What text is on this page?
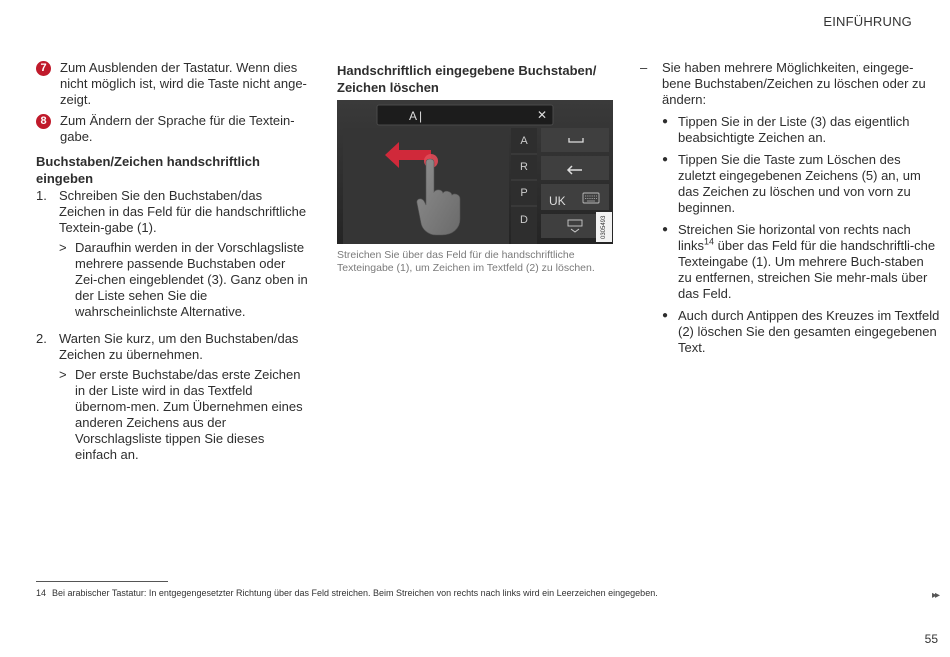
EINFÜHRUNG
7	Zum Ausblenden der Tastatur. Wenn dies nicht möglich ist, wird die Taste nicht ange-zeigt.
8	Zum Ändern der Sprache für die Textein-gabe.
Buchstaben/Zeichen handschriftlich eingeben
1. Schreiben Sie den Buchstaben/das Zeichen in das Feld für die handschriftliche Textein-gabe (1).
> Daraufhin werden in der Vorschlagsliste mehrere passende Buchstaben oder Zei-chen eingeblendet (3). Ganz oben in der Liste sehen Sie die wahrscheinlichste Alternative.
2. Warten Sie kurz, um den Buchstaben/das Zeichen zu übernehmen.
> Der erste Buchstabe/das erste Zeichen in der Liste wird in das Textfeld übernom-men. Zum Übernehmen eines anderen Zeichens aus der Vorschlagsliste tippen Sie dieses einfach an.
Handschriftlich eingegebene Buchstaben/ Zeichen löschen
A|	✕
A
R
P
D
UK
0305493
Streichen Sie über das Feld für die handschriftliche Texteingabe (1), um Zeichen im Textfeld (2) zu löschen.
–	Sie haben mehrere Möglichkeiten, eingege-bene Buchstaben/Zeichen zu löschen oder zu ändern:
● Tippen Sie in der Liste (3) das eigentlich beabsichtigte Zeichen an.
● Tippen Sie die Taste zum Löschen des zuletzt eingegebenen Zeichens (5) an, um das Zeichen zu löschen und von vorn zu beginnen.
● Streichen Sie horizontal von rechts nach links$^{14}$ über das Feld für die handschriftli-che Texteingabe (1). Um mehrere Buch-staben zu entfernen, streichen Sie mehr-mals über das Feld.
● Auch durch Antippen des Kreuzes im Textfeld (2) löschen Sie den gesamten eingegebenen Text.
14 Bei arabischer Tastatur: In entgegengesetzter Richtung über das Feld streichen. Beim Streichen von rechts nach links wird ein Leerzeichen eingegeben.	▸▸
55
